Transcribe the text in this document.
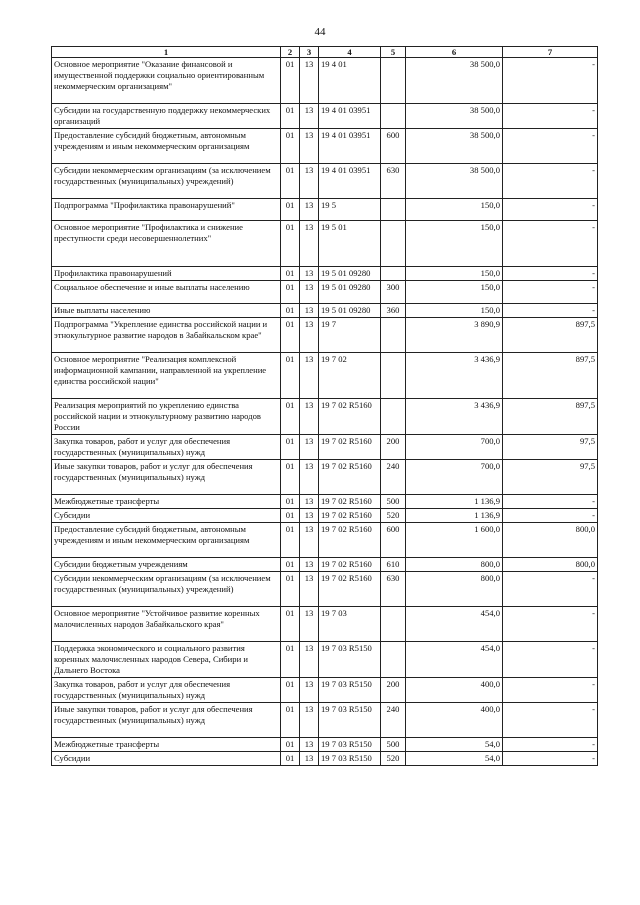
44
1	2	3	4	5	6	7
Основное мероприятие "Оказание финансовой и имущественной поддержки социально ориентированным некоммерческим организациям"	01	13	19 4 01		38 500,0	-
Субсидии на государственную поддержку некоммерческих организаций	01	13	19 4 01 03951		38 500,0	-
Предоставление субсидий бюджетным, автономным учреждениям и иным некоммерческим организациям	01	13	19 4 01 03951	600	38 500,0	-
Субсидии некоммерческим организациям (за исключением государственных (муниципальных) учреждений)	01	13	19 4 01 03951	630	38 500,0	-
Подпрограмма "Профилактика правонарушений"	01	13	19 5		150,0	-
Основное мероприятие "Профилактика и снижение преступности среди несовершеннолетних"	01	13	19 5 01		150,0	-
Профилактика правонарушений	01	13	19 5 01 09280		150,0	-
Социальное обеспечение и иные выплаты населению	01	13	19 5 01 09280	300	150,0	-
Иные выплаты населению	01	13	19 5 01 09280	360	150,0	-
Подпрограмма "Укрепление единства российской нации и этнокультурное развитие народов в Забайкальском крае"	01	13	19 7		3 890,9	897,5
Основное мероприятие "Реализация комплексной информационной кампании, направленной на укрепление единства российской нации"	01	13	19 7 02		3 436,9	897,5
Реализация мероприятий по укреплению единства российской нации и этнокультурному развитию народов России	01	13	19 7 02 R5160		3 436,9	897,5
Закупка товаров, работ и услуг для обеспечения государственных (муниципальных) нужд	01	13	19 7 02 R5160	200	700,0	97,5
Иные закупки товаров, работ и услуг для обеспечения государственных (муниципальных) нужд	01	13	19 7 02 R5160	240	700,0	97,5
Межбюджетные трансферты	01	13	19 7 02 R5160	500	1 136,9	-
Субсидии	01	13	19 7 02 R5160	520	1 136,9	-
Предоставление субсидий бюджетным, автономным учреждениям и иным некоммерческим организациям	01	13	19 7 02 R5160	600	1 600,0	800,0
Субсидии бюджетным учреждениям	01	13	19 7 02 R5160	610	800,0	800,0
Субсидии некоммерческим организациям (за исключением государственных (муниципальных) учреждений)	01	13	19 7 02 R5160	630	800,0	-
Основное мероприятие "Устойчивое развитие коренных малочисленных народов Забайкальского края"	01	13	19 7 03		454,0	-
Поддержка экономического и социального развития коренных малочисленных народов Севера, Сибири и Дальнего Востока	01	13	19 7 03 R5150		454,0	-
Закупка товаров, работ и услуг для обеспечения государственных (муниципальных) нужд	01	13	19 7 03 R5150	200	400,0	-
Иные закупки товаров, работ и услуг для обеспечения государственных (муниципальных) нужд	01	13	19 7 03 R5150	240	400,0	-
Межбюджетные трансферты	01	13	19 7 03 R5150	500	54,0	-
Субсидии	01	13	19 7 03 R5150	520	54,0	-
